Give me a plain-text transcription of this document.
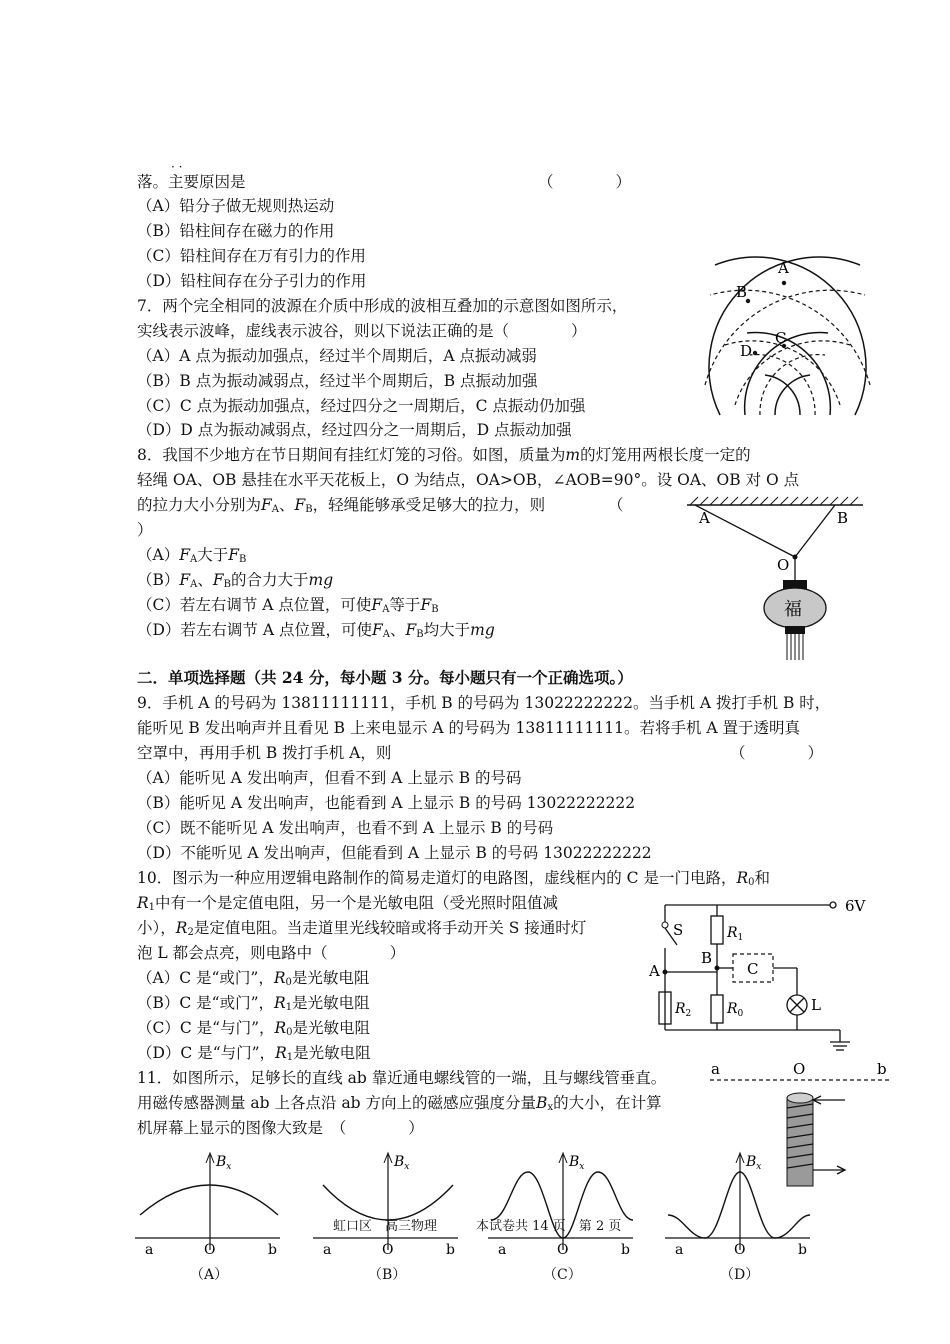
· ·
落。主要原因是	（　　　　）
（A）铅分子做无规则热运动
（B）铅柱间存在磁力的作用
（C）铅柱间存在万有引力的作用
（D）铅柱间存在分子引力的作用
7．两个完全相同的波源在介质中形成的波相互叠加的示意图如图所示，
实线表示波峰，虚线表示波谷，则以下说法正确的是（　　　　）
（A）A 点为振动加强点，经过半个周期后，A 点振动减弱
（B）B 点为振动减弱点，经过半个周期后，B 点振动加强
（C）C 点为振动加强点，经过四分之一周期后，C 点振动仍加强
（D）D 点为振动减弱点，经过四分之一周期后，D 点振动加强
A
B
C
D
8．我国不少地方在节日期间有挂红灯笼的习俗。如图，质量为m的灯笼用两根长度一定的
轻绳 OA、OB 悬挂在水平天花板上，O 为结点，OA>OB，∠AOB=90°。设 OA、OB 对 O 点
的拉力大小分别为$F_A$、$F_B$，轻绳能够承受足够大的拉力，则	（
）
$(A)F_A$大于$F_B$
$(B)F_A$、$F_B$的合力大于mg
（C）若左右调节 A 点位置，可使$F_A$等于$F_B$
（D）若左右调节 A 点位置，可使$F_A$、$F_B$均大于mg
福
A	B
O
二．单项选择题（共 24 分，每小题 3 分。每小题只有一个正确选项。）
9．手机 A 的号码为 13811111111，手机 B 的号码为 13022222222。当手机 A 拨打手机 B 时，
能听见 B 发出响声并且看见 B 上来电显示 A 的号码为 13811111111。若将手机 A 置于透明真
空罩中，再用手机 B 拨打手机 A，则	（　　　　）
（A）能听见 A 发出响声，但看不到 A 上显示 B 的号码
（B）能听见 A 发出响声，也能看到 A 上显示 B 的号码 13022222222
（C）既不能听见 A 发出响声，也看不到 A 上显示 B 的号码
（D）不能听见 A 发出响声，但能看到 A 上显示 B 的号码 13022222222
10．图示为一种应用逻辑电路制作的简易走道灯的电路图，虚线框内的 C 是一门电路，$R_0$和
$R_1$中有一个是定值电阻，另一个是光敏电阻（受光照时阻值减
小），$R_2$是定值电阻。当走道里光线较暗或将手动开关 S 接通时灯
泡 L 都会点亮，则电路中（　　　　）
（A）C 是“或门”，$R_0$是光敏电阻
（B）C 是“或门”，$R_1$是光敏电阻
（C）C 是“与门”，$R_0$是光敏电阻
（D）C 是“与门”，$R_1$是光敏电阻
6V
S
A
B
C
L
$R_1$
$R_2$	$R_0$
11．如图所示，足够长的直线 ab 靠近通电螺线管的一端，且与螺线管垂直。
用磁传感器测量 ab 上各点沿 ab 方向上的磁感应强度分量$B_x$的大小，在计算
机屏幕上显示的图像大致是　（　　　　）
a	O	b
$B_x$
a	O	b
$B_x$
a	O	b
$B_x$
a	O	b
$B_x$
a	O	b
（A）	（B）	（C）	（D）
虹口区　高三物理　　　本试卷共 14 页　第 2 页
